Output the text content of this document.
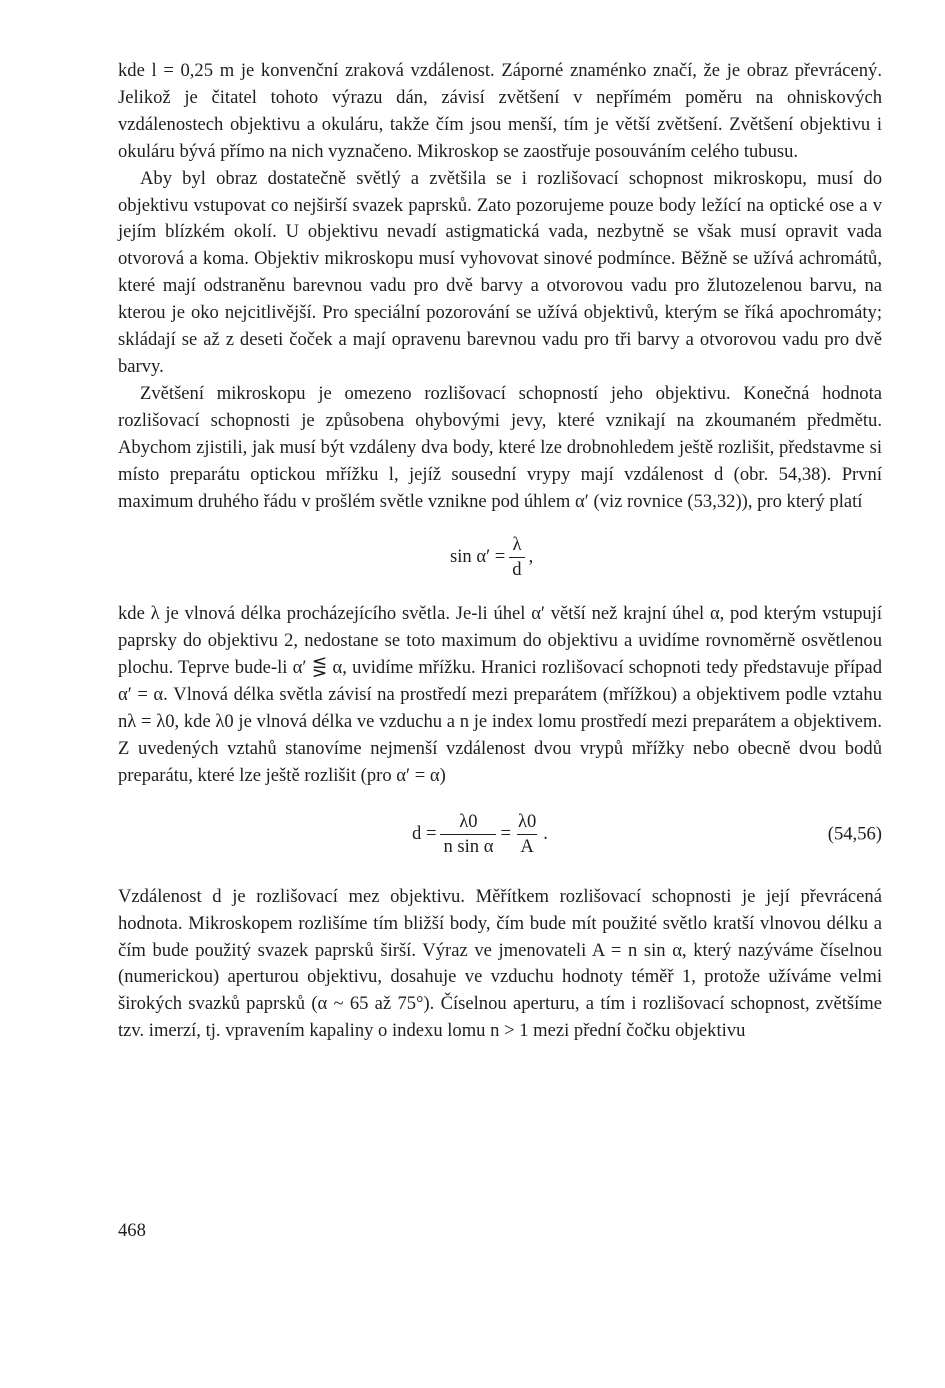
kde l = 0,25 m je konvenční zraková vzdálenost. Záporné znaménko značí, že je obraz převrácený. Jelikož je čitatel tohoto výrazu dán, závisí zvětšení v nepřímém poměru na ohniskových vzdálenostech objektivu a okuláru, takže čím jsou menší, tím je větší zvětšení. Zvětšení objektivu i okuláru bývá přímo na nich vyznačeno. Mikroskop se zaostřuje posouváním celého tubusu.

Aby byl obraz dostatečně světlý a zvětšila se i rozlišovací schopnost mikroskopu, musí do objektivu vstupovat co nejširší svazek paprsků. Zato pozorujeme pouze body ležící na optické ose a v jejím blízkém okolí. U objektivu nevadí astigmatická vada, nezbytně se však musí opravit vada otvorová a koma. Objektiv mikroskopu musí vyhovovat sinové podmínce. Běžně se užívá achromátů, které mají odstraněnu barevnou vadu pro dvě barvy a otvorovou vadu pro žlutozelenou barvu, na kterou je oko nejcitlivější. Pro speciální pozorování se užívá objektivů, kterým se říká apochromáty; skládají se až z deseti čoček a mají opravenu barevnou vadu pro tři barvy a otvorovou vadu pro dvě barvy.

Zvětšení mikroskopu je omezeno rozlišovací schopností jeho objektivu. Konečná hodnota rozlišovací schopnosti je způsobena ohybovými jevy, které vznikají na zkoumaném předmětu. Abychom zjistili, jak musí být vzdáleny dva body, které lze drobnohledem ještě rozlišit, představme si místo preparátu optickou mřížku l, jejíž sousední vrypy mají vzdálenost d (obr. 54,38). První maximum druhého řádu v prošlém světle vznikne pod úhlem α′ (viz rovnice (53,32)), pro který platí

$\sin \alpha' = \frac{\lambda}{d}$ ,

kde λ je vlnová délka procházejícího světla. Je-li úhel α′ větší než krajní úhel α, pod kterým vstupují paprsky do objektivu 2, nedostane se toto maximum do objektivu a uvidíme rovnoměrně osvětlenou plochu. Teprve bude-li α′ ⋚ α, uvidíme mřížku. Hranici rozlišovací schopnoti tedy představuje případ α′ = α. Vlnová délka světla závisí na prostředí mezi preparátem (mřížkou) a objektivem podle vztahu nλ = λ0, kde λ0 je vlnová délka ve vzduchu a n je index lomu prostředí mezi preparátem a objektivem. Z uvedených vztahů stanovíme nejmenší vzdálenost dvou vrypů mřížky nebo obecně dvou bodů preparátu, které lze ještě rozlišit (pro α′ = α)

$d = \frac{\lambda 0}{\text{n sin α}} = \frac{\lambda 0}{A}$ .	(54,56)

Vzdálenost d je rozlišovací mez objektivu. Měřítkem rozlišovací schopnosti je její převrácená hodnota. Mikroskopem rozlišíme tím bližší body, čím bude mít použité světlo kratší vlnovou délku a čím bude použitý svazek paprsků širší. Výraz ve jmenovateli A = n sin α, který nazýváme číselnou (numerickou) aperturou objektivu, dosahuje ve vzduchu hodnoty téměř 1, protože užíváme velmi širokých svazků paprsků (α ~ 65 až 75°). Číselnou aperturu, a tím i rozlišovací schopnost, zvětšíme tzv. imerzí, tj. vpravením kapaliny o indexu lomu n > 1 mezi přední čočku objektivu

468
